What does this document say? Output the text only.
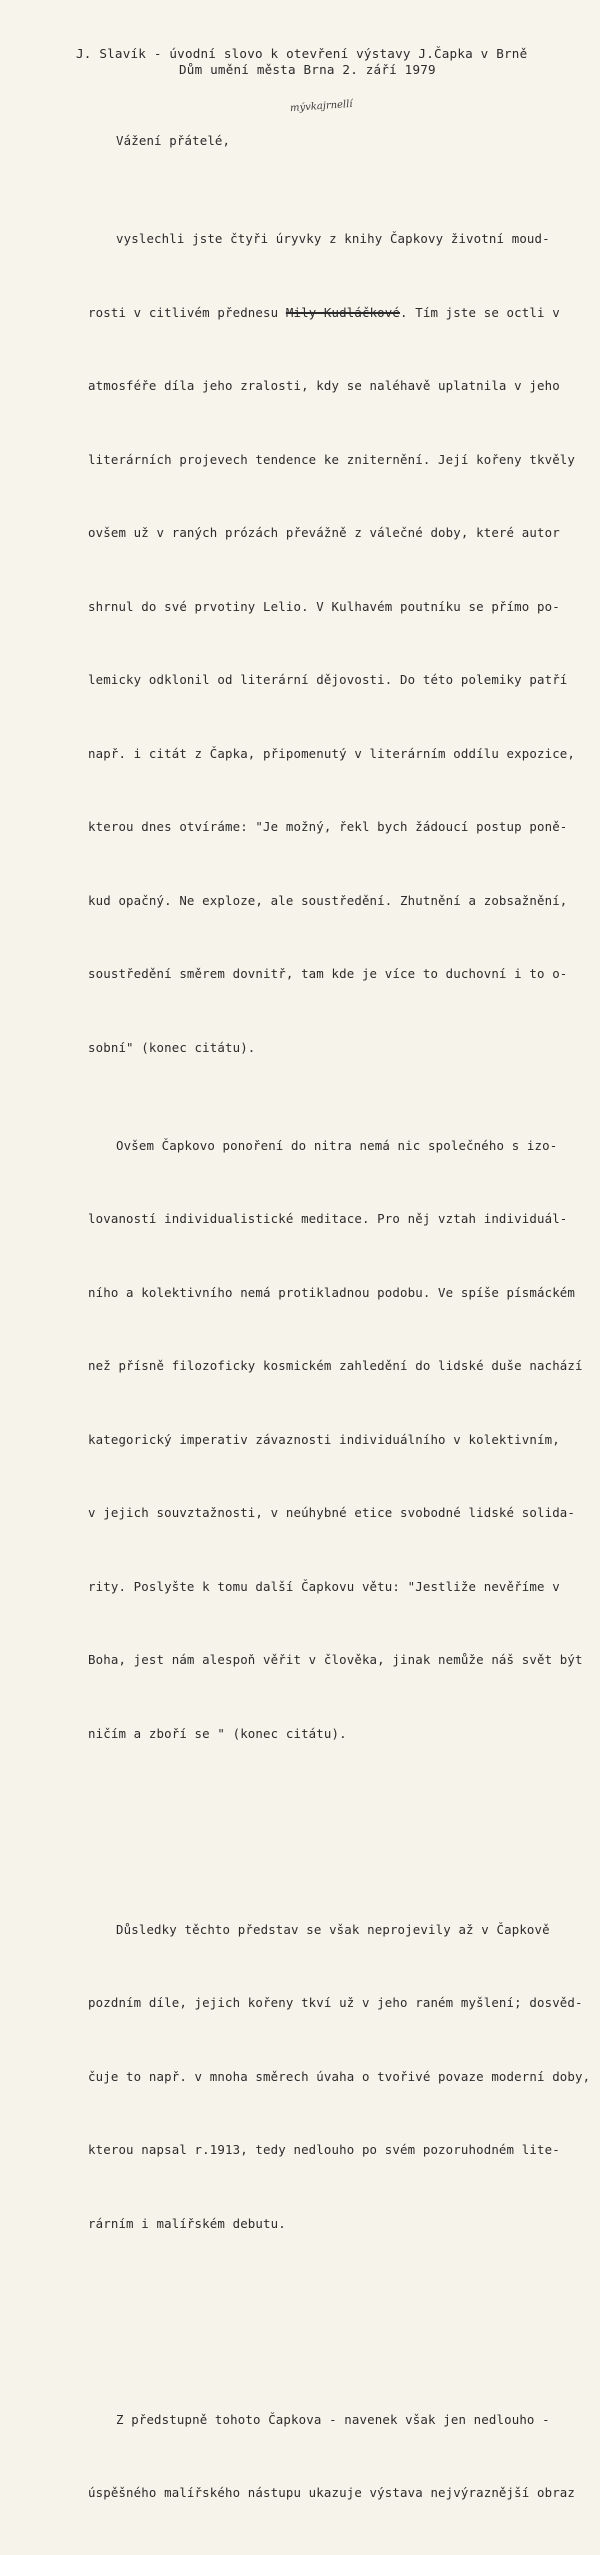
J. Slavík - úvodní slovo k otevření výstavy J.Čapka v Brně
Dům umění města Brna 2. září 1979
mývkajrnellí

Vážení přátelé,

vyslechli jste čtyři úryvky z knihy Čapkovy životní moud-

rosti v citlivém přednesu Mily Kudláčkové. Tím jste se octli v

atmosféře díla jeho zralosti, kdy se naléhavě uplatnila v jeho

literárních projevech tendence ke zniternění. Její kořeny tkvěly

ovšem už v raných prózách převážně z válečné doby, které autor

shrnul do své prvotiny Lelio. V Kulhavém poutníku se přímo po-

lemicky odklonil od literární dějovosti. Do této polemiky patří

např. i citát z Čapka, připomenutý v literárním oddílu expozice,

kterou dnes otvíráme: "Je možný, řekl bych žádoucí postup poně-

kud opačný. Ne exploze, ale soustředění. Zhutnění a zobsažnění,

soustředění směrem dovnitř, tam kde je více to duchovní i to o-

sobní" (konec citátu).

Ovšem Čapkovo ponoření do nitra nemá nic společného s izo-

lovaností individualistické meditace. Pro něj vztah individuál-

ního a kolektivního nemá protikladnou podobu. Ve spíše písmáckém

než přísně filozoficky kosmickém zahledění do lidské duše nachází

kategorický imperativ závaznosti individuálního v kolektivním,

v jejich souvztažnosti, v neúhybné etice svobodné lidské solida-

rity. Poslyšte k tomu další Čapkovu větu: "Jestliže nevěříme v

Boha, jest nám alespoň věřit v člověka, jinak nemůže náš svět být

ničím a zboří se " (konec citátu).

Důsledky těchto představ se však neprojevily až v Čapkově

pozdním díle, jejich kořeny tkví už v jeho raném myšlení; dosvěd-

čuje to např. v mnoha směrech úvaha o tvořivé povaze moderní doby,

kterou napsal r.1913, tedy nedlouho po svém pozoruhodném lite-

rárním i malířském debutu.

Z předstupně tohoto Čapkova - navenek však jen nedlouho -

úspěšného malířského nástupu ukazuje výstava nejvýraznější obraz
